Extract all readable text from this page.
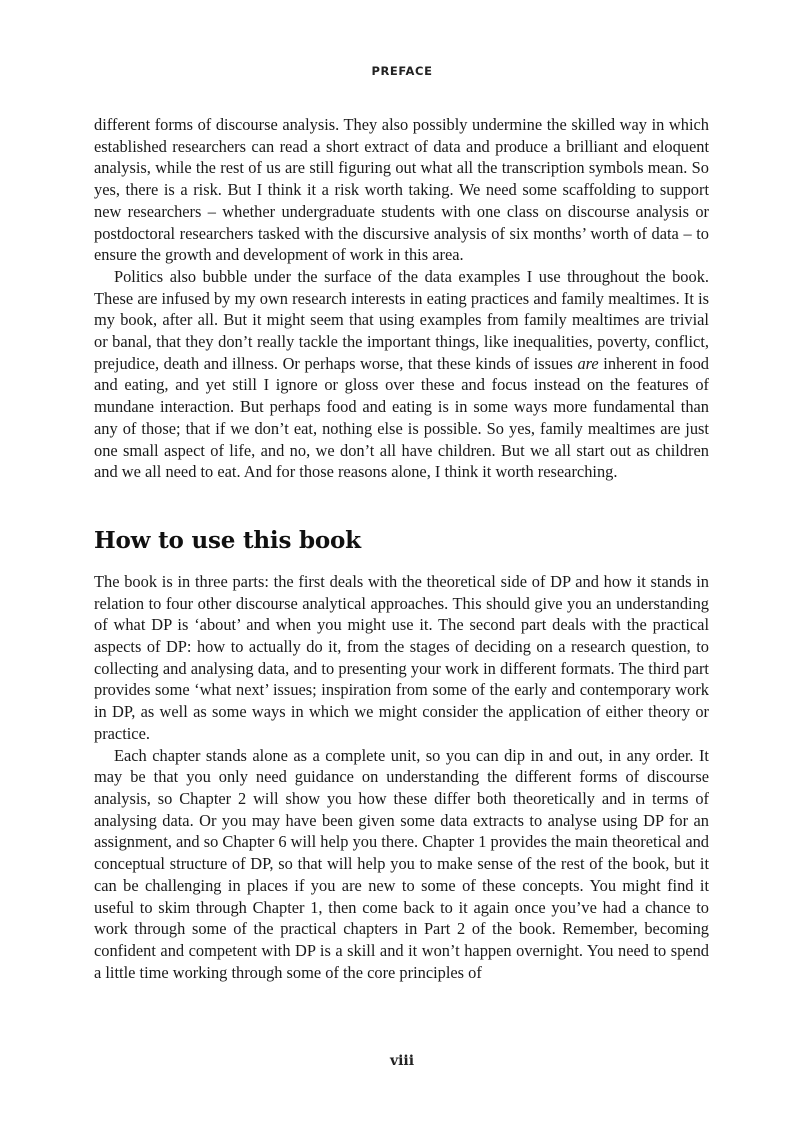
PREFACE

different forms of discourse analysis. They also possibly undermine the skilled way in which established researchers can read a short extract of data and produce a brilliant and eloquent analysis, while the rest of us are still figuring out what all the transcription symbols mean. So yes, there is a risk. But I think it a risk worth taking. We need some scaffolding to support new researchers – whether undergraduate students with one class on discourse analysis or postdoctoral researchers tasked with the discursive analysis of six months’ worth of data – to ensure the growth and development of work in this area.

Politics also bubble under the surface of the data examples I use throughout the book. These are infused by my own research interests in eating practices and family mealtimes. It is my book, after all. But it might seem that using examples from family mealtimes are trivial or banal, that they don’t really tackle the important things, like inequalities, poverty, conflict, prejudice, death and illness. Or perhaps worse, that these kinds of issues are inherent in food and eating, and yet still I ignore or gloss over these and focus instead on the features of mundane interaction. But perhaps food and eating is in some ways more fundamental than any of those; that if we don’t eat, nothing else is possible. So yes, family mealtimes are just one small aspect of life, and no, we don’t all have children. But we all start out as children and we all need to eat. And for those reasons alone, I think it worth researching.

How to use this book

The book is in three parts: the first deals with the theoretical side of DP and how it stands in relation to four other discourse analytical approaches. This should give you an understanding of what DP is ‘about’ and when you might use it. The second part deals with the practical aspects of DP: how to actually do it, from the stages of deciding on a research question, to collecting and analysing data, and to presenting your work in different formats. The third part provides some ‘what next’ issues; inspiration from some of the early and contemporary work in DP, as well as some ways in which we might consider the application of either theory or practice.

Each chapter stands alone as a complete unit, so you can dip in and out, in any order. It may be that you only need guidance on understanding the different forms of discourse analysis, so Chapter 2 will show you how these differ both theoretically and in terms of analysing data. Or you may have been given some data extracts to analyse using DP for an assignment, and so Chapter 6 will help you there. Chapter 1 provides the main theoretical and conceptual structure of DP, so that will help you to make sense of the rest of the book, but it can be challenging in places if you are new to some of these concepts. You might find it useful to skim through Chapter 1, then come back to it again once you’ve had a chance to work through some of the practical chapters in Part 2 of the book. Remember, becoming confident and competent with DP is a skill and it won’t happen overnight. You need to spend a little time working through some of the core principles of

viii
